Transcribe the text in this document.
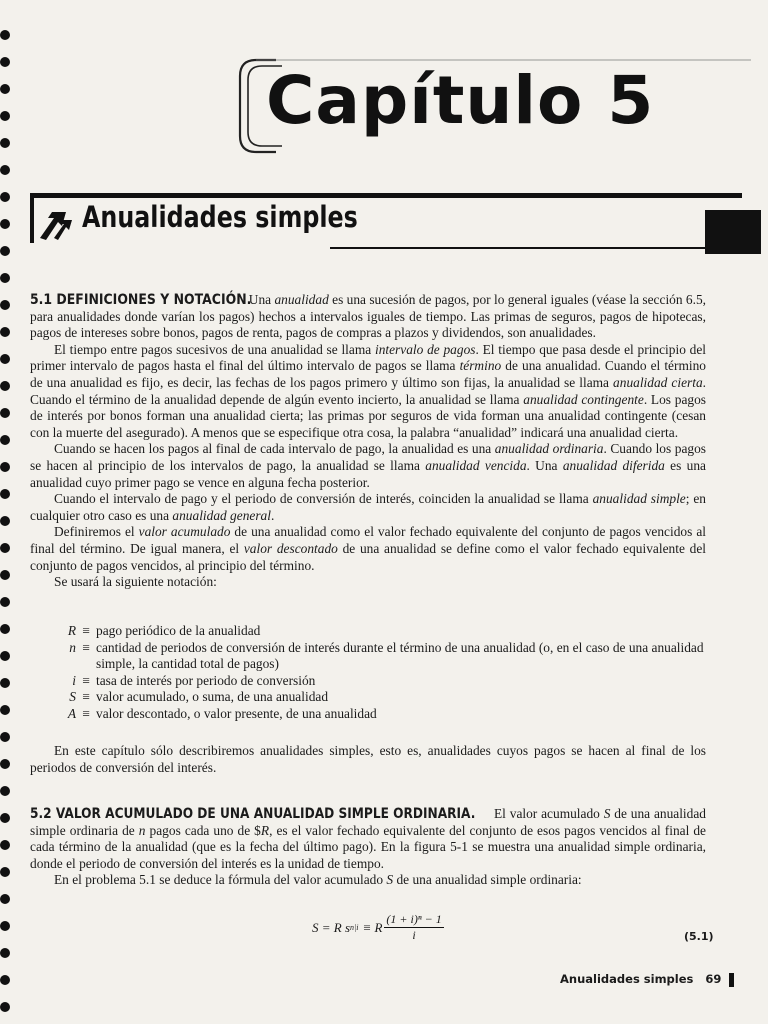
Capítulo 5
Anualidades simples

5.1 DEFINICIONES Y NOTACIÓN. Una anualidad es una sucesión de pagos, por lo general iguales (véase la sección 6.5, para anualidades donde varían los pagos) hechos a intervalos iguales de tiempo. Las primas de seguros, pagos de hipotecas, pagos de intereses sobre bonos, pagos de renta, pagos de compras a plazos y dividendos, son anualidades.

El tiempo entre pagos sucesivos de una anualidad se llama intervalo de pagos. El tiempo que pasa desde el principio del primer intervalo de pagos hasta el final del último intervalo de pagos se llama término de una anualidad. Cuando el término de una anualidad es fijo, es decir, las fechas de los pagos primero y último son fijas, la anualidad se llama anualidad cierta. Cuando el término de la anualidad depende de algún evento incierto, la anualidad se llama anualidad contingente. Los pagos de interés por bonos forman una anualidad cierta; las primas por seguros de vida forman una anualidad contingente (cesan con la muerte del asegurado). A menos que se especifique otra cosa, la palabra “anualidad” indicará una anualidad cierta.

Cuando se hacen los pagos al final de cada intervalo de pago, la anualidad es una anualidad ordinaria. Cuando los pagos se hacen al principio de los intervalos de pago, la anualidad se llama anualidad vencida. Una anualidad diferida es una anualidad cuyo primer pago se vence en alguna fecha posterior.

Cuando el intervalo de pago y el periodo de conversión de interés, coinciden la anualidad se llama anualidad simple; en cualquier otro caso es una anualidad general.

Definiremos el valor acumulado de una anualidad como el valor fechado equivalente del conjunto de pagos vencidos al final del término. De igual manera, el valor descontado de una anualidad se define como el valor fechado equivalente del conjunto de pagos vencidos, al principio del término.

Se usará la siguiente notación:

R ≡ pago periódico de la anualidad
n ≡ cantidad de periodos de conversión de interés durante el término de una anualidad (o, en el caso de una anualidad simple, la cantidad total de pagos)
i ≡ tasa de interés por periodo de conversión
S ≡ valor acumulado, o suma, de una anualidad
A ≡ valor descontado, o valor presente, de una anualidad
En este capítulo sólo describiremos anualidades simples, esto es, anualidades cuyos pagos se hacen al final de los periodos de conversión del interés.

5.2 VALOR ACUMULADO DE UNA ANUALIDAD SIMPLE ORDINARIA. El valor acumulado S de una anualidad simple ordinaria de n pagos cada uno de $R, es el valor fechado equivalente del conjunto de esos pagos vencidos al final de cada término de la anualidad (que es la fecha del último pago). En la figura 5-1 se muestra una anualidad simple ordinaria, donde el periodo de conversión del interés es la unidad de tiempo.

En el problema 5.1 se deduce la fórmula del valor acumulado S de una anualidad simple ordinaria:

S = R s n|i ≡ R $\frac{\text{(1 + i)ⁿ − 1}}{i}$	(5.1)
Anualidades simples 69
